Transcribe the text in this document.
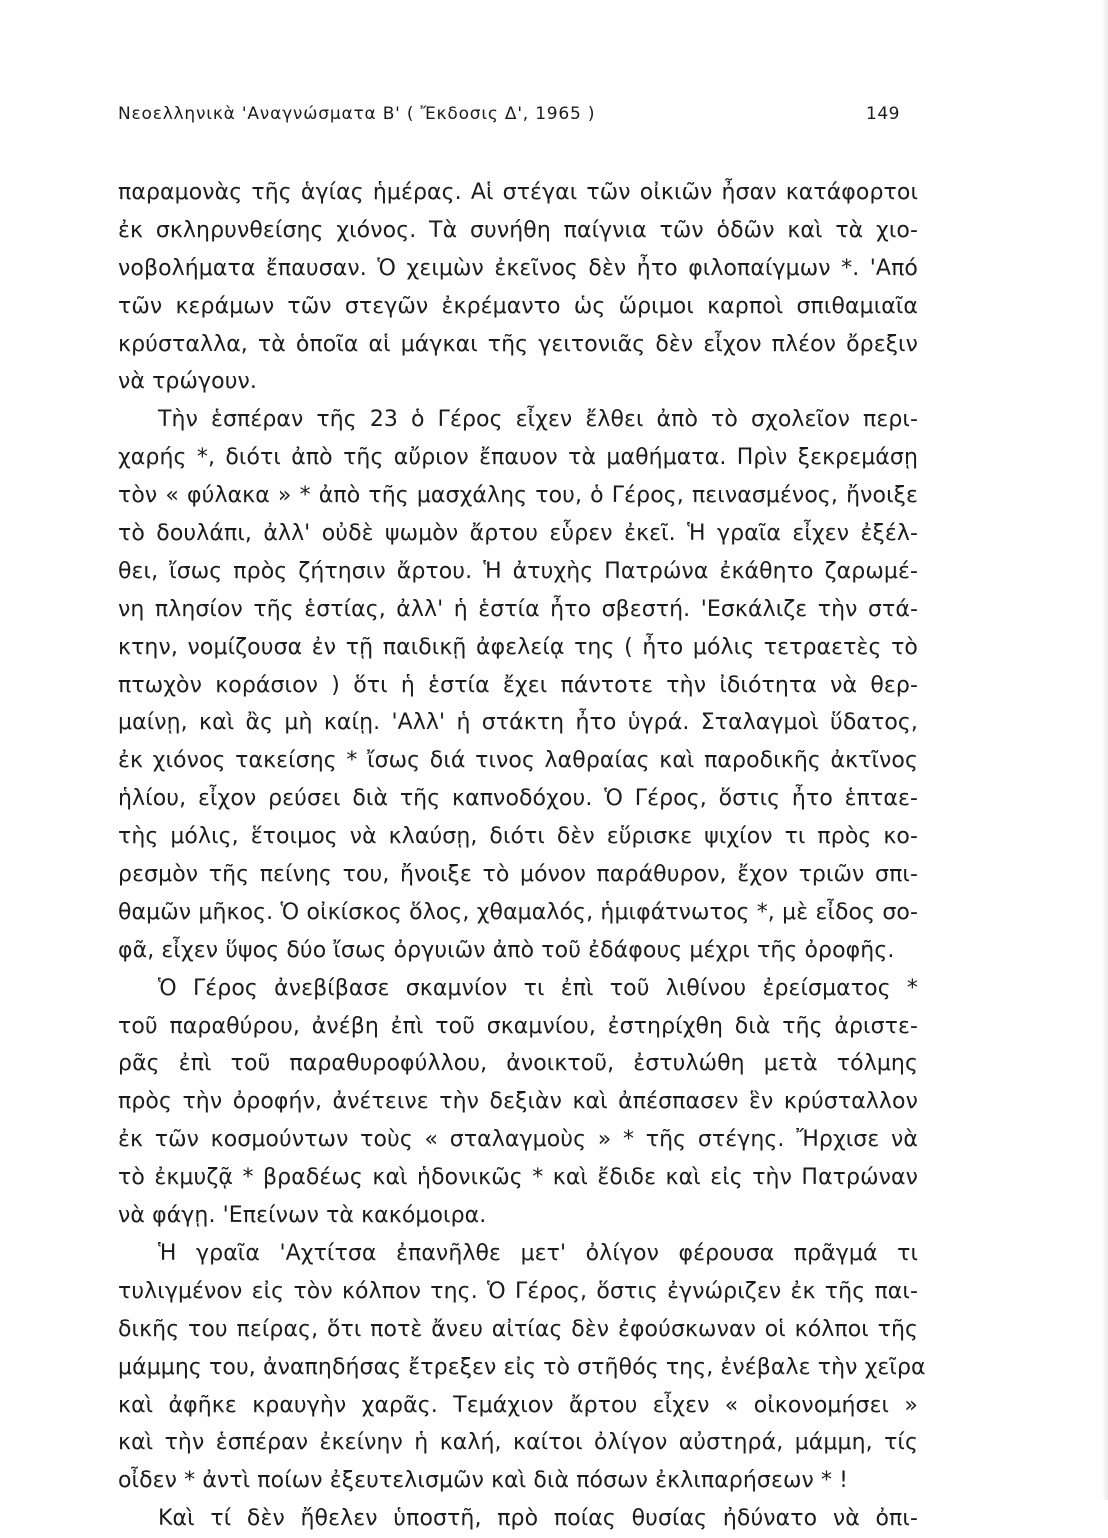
Νεοελληνικὰ 'Αναγνώσματα Β' ( Ἔκδοσις Δ', 1965 )	149
παραμονὰς τῆς ἁγίας ἡμέρας. Αἱ στέγαι τῶν οἰκιῶν ἦσαν κατάφορτοι
ἐκ σκληρυνθείσης χιόνος. Τὰ συνήθη παίγνια τῶν ὁδῶν καὶ τὰ χιο-
νοβολήματα ἔπαυσαν. Ὁ χειμὼν ἐκεῖνος δὲν ἦτο φιλοπαίγμων *. 'Από
τῶν κεράμων τῶν στεγῶν ἐκρέμαντο ὡς ὥριμοι καρποὶ σπιθαμιαῖα
κρύσταλλα, τὰ ὁποῖα αἱ μάγκαι τῆς γειτονιᾶς δὲν εἶχον πλέον ὄρεξιν
νὰ τρώγουν.
Τὴν ἑσπέραν τῆς 23 ὁ Γέρος εἶχεν ἔλθει ἀπὸ τὸ σχολεῖον περι-
χαρής *, διότι ἀπὸ τῆς αὔριον ἔπαυον τὰ μαθήματα. Πρὶν ξεκρεμάσῃ
τὸν « φύλακα » * ἀπὸ τῆς μασχάλης του, ὁ Γέρος, πεινασμένος, ἤνοιξε
τὸ δουλάπι, ἀλλ' οὐδὲ ψωμὸν ἄρτου εὗρεν ἐκεῖ. Ἡ γραῖα εἶχεν ἐξέλ-
θει, ἴσως πρὸς ζήτησιν ἄρτου. Ἡ ἀτυχὴς Πατρώνα ἐκάθητο ζαρωμέ-
νη πλησίον τῆς ἑστίας, ἀλλ' ἡ ἑστία ἦτο σβεστή. 'Εσκάλιζε τὴν στά-
κτην, νομίζουσα ἐν τῇ παιδικῇ ἀφελείᾳ της ( ἦτο μόλις τετραετὲς τὸ
πτωχὸν κοράσιον ) ὅτι ἡ ἑστία ἔχει πάντοτε τὴν ἰδιότητα νὰ θερ-
μαίνῃ, καὶ ἂς μὴ καίῃ. 'Αλλ' ἡ στάκτη ἦτο ὑγρά. Σταλαγμοὶ ὕδατος,
ἐκ χιόνος τακείσης * ἴσως διά τινος λαθραίας καὶ παροδικῆς ἀκτῖνος
ἡλίου, εἶχον ρεύσει διὰ τῆς καπνοδόχου. Ὁ Γέρος, ὅστις ἦτο ἑπταε-
τὴς μόλις, ἕτοιμος νὰ κλαύσῃ, διότι δὲν εὕρισκε ψιχίον τι πρὸς κο-
ρεσμὸν τῆς πείνης του, ἤνοιξε τὸ μόνον παράθυρον, ἔχον τριῶν σπι-
θαμῶν μῆκος. Ὁ οἰκίσκος ὅλος, χθαμαλός, ἡμιφάτνωτος *, μὲ εἶδος σο-
φᾶ, εἶχεν ὕψος δύο ἴσως ὀργυιῶν ἀπὸ τοῦ ἐδάφους μέχρι τῆς ὀροφῆς.
Ὁ Γέρος ἀνεβίβασε σκαμνίον τι ἐπὶ τοῦ λιθίνου ἐρείσματος *
τοῦ παραθύρου, ἀνέβη ἐπὶ τοῦ σκαμνίου, ἐστηρίχθη διὰ τῆς ἀριστε-
ρᾶς ἐπὶ τοῦ παραθυροφύλλου, ἀνοικτοῦ, ἐστυλώθη μετὰ τόλμης
πρὸς τὴν ὀροφήν, ἀνέτεινε τὴν δεξιὰν καὶ ἀπέσπασεν ἓν κρύσταλλον
ἐκ τῶν κοσμούντων τοὺς « σταλαγμοὺς » * τῆς στέγης. Ἤρχισε νὰ
τὸ ἐκμυζᾷ * βραδέως καὶ ἡδονικῶς * καὶ ἔδιδε καὶ εἰς τὴν Πατρώναν
νὰ φάγῃ. 'Επείνων τὰ κακόμοιρα.
Ἡ γραῖα 'Αχτίτσα ἐπανῆλθε μετ' ὀλίγον φέρουσα πρᾶγμά τι
τυλιγμένον εἰς τὸν κόλπον της. Ὁ Γέρος, ὅστις ἐγνώριζεν ἐκ τῆς παι-
δικῆς του πείρας, ὅτι ποτὲ ἄνευ αἰτίας δὲν ἐφούσκωναν οἱ κόλποι τῆς
μάμμης του, ἀναπηδήσας ἔτρεξεν εἰς τὸ στῆθός της, ἐνέβαλε τὴν χεῖρα
καὶ ἀφῆκε κραυγὴν χαρᾶς. Τεμάχιον ἄρτου εἶχεν « οἰκονομήσει »
καὶ τὴν ἑσπέραν ἐκείνην ἡ καλή, καίτοι ὀλίγον αὐστηρά, μάμμη, τίς
οἶδεν * ἀντὶ ποίων ἐξευτελισμῶν καὶ διὰ πόσων ἐκλιπαρήσεων * !
Καὶ τί δὲν ἤθελεν ὑποστῆ, πρὸ ποίας θυσίας ἠδύνατο νὰ ὀπι-
